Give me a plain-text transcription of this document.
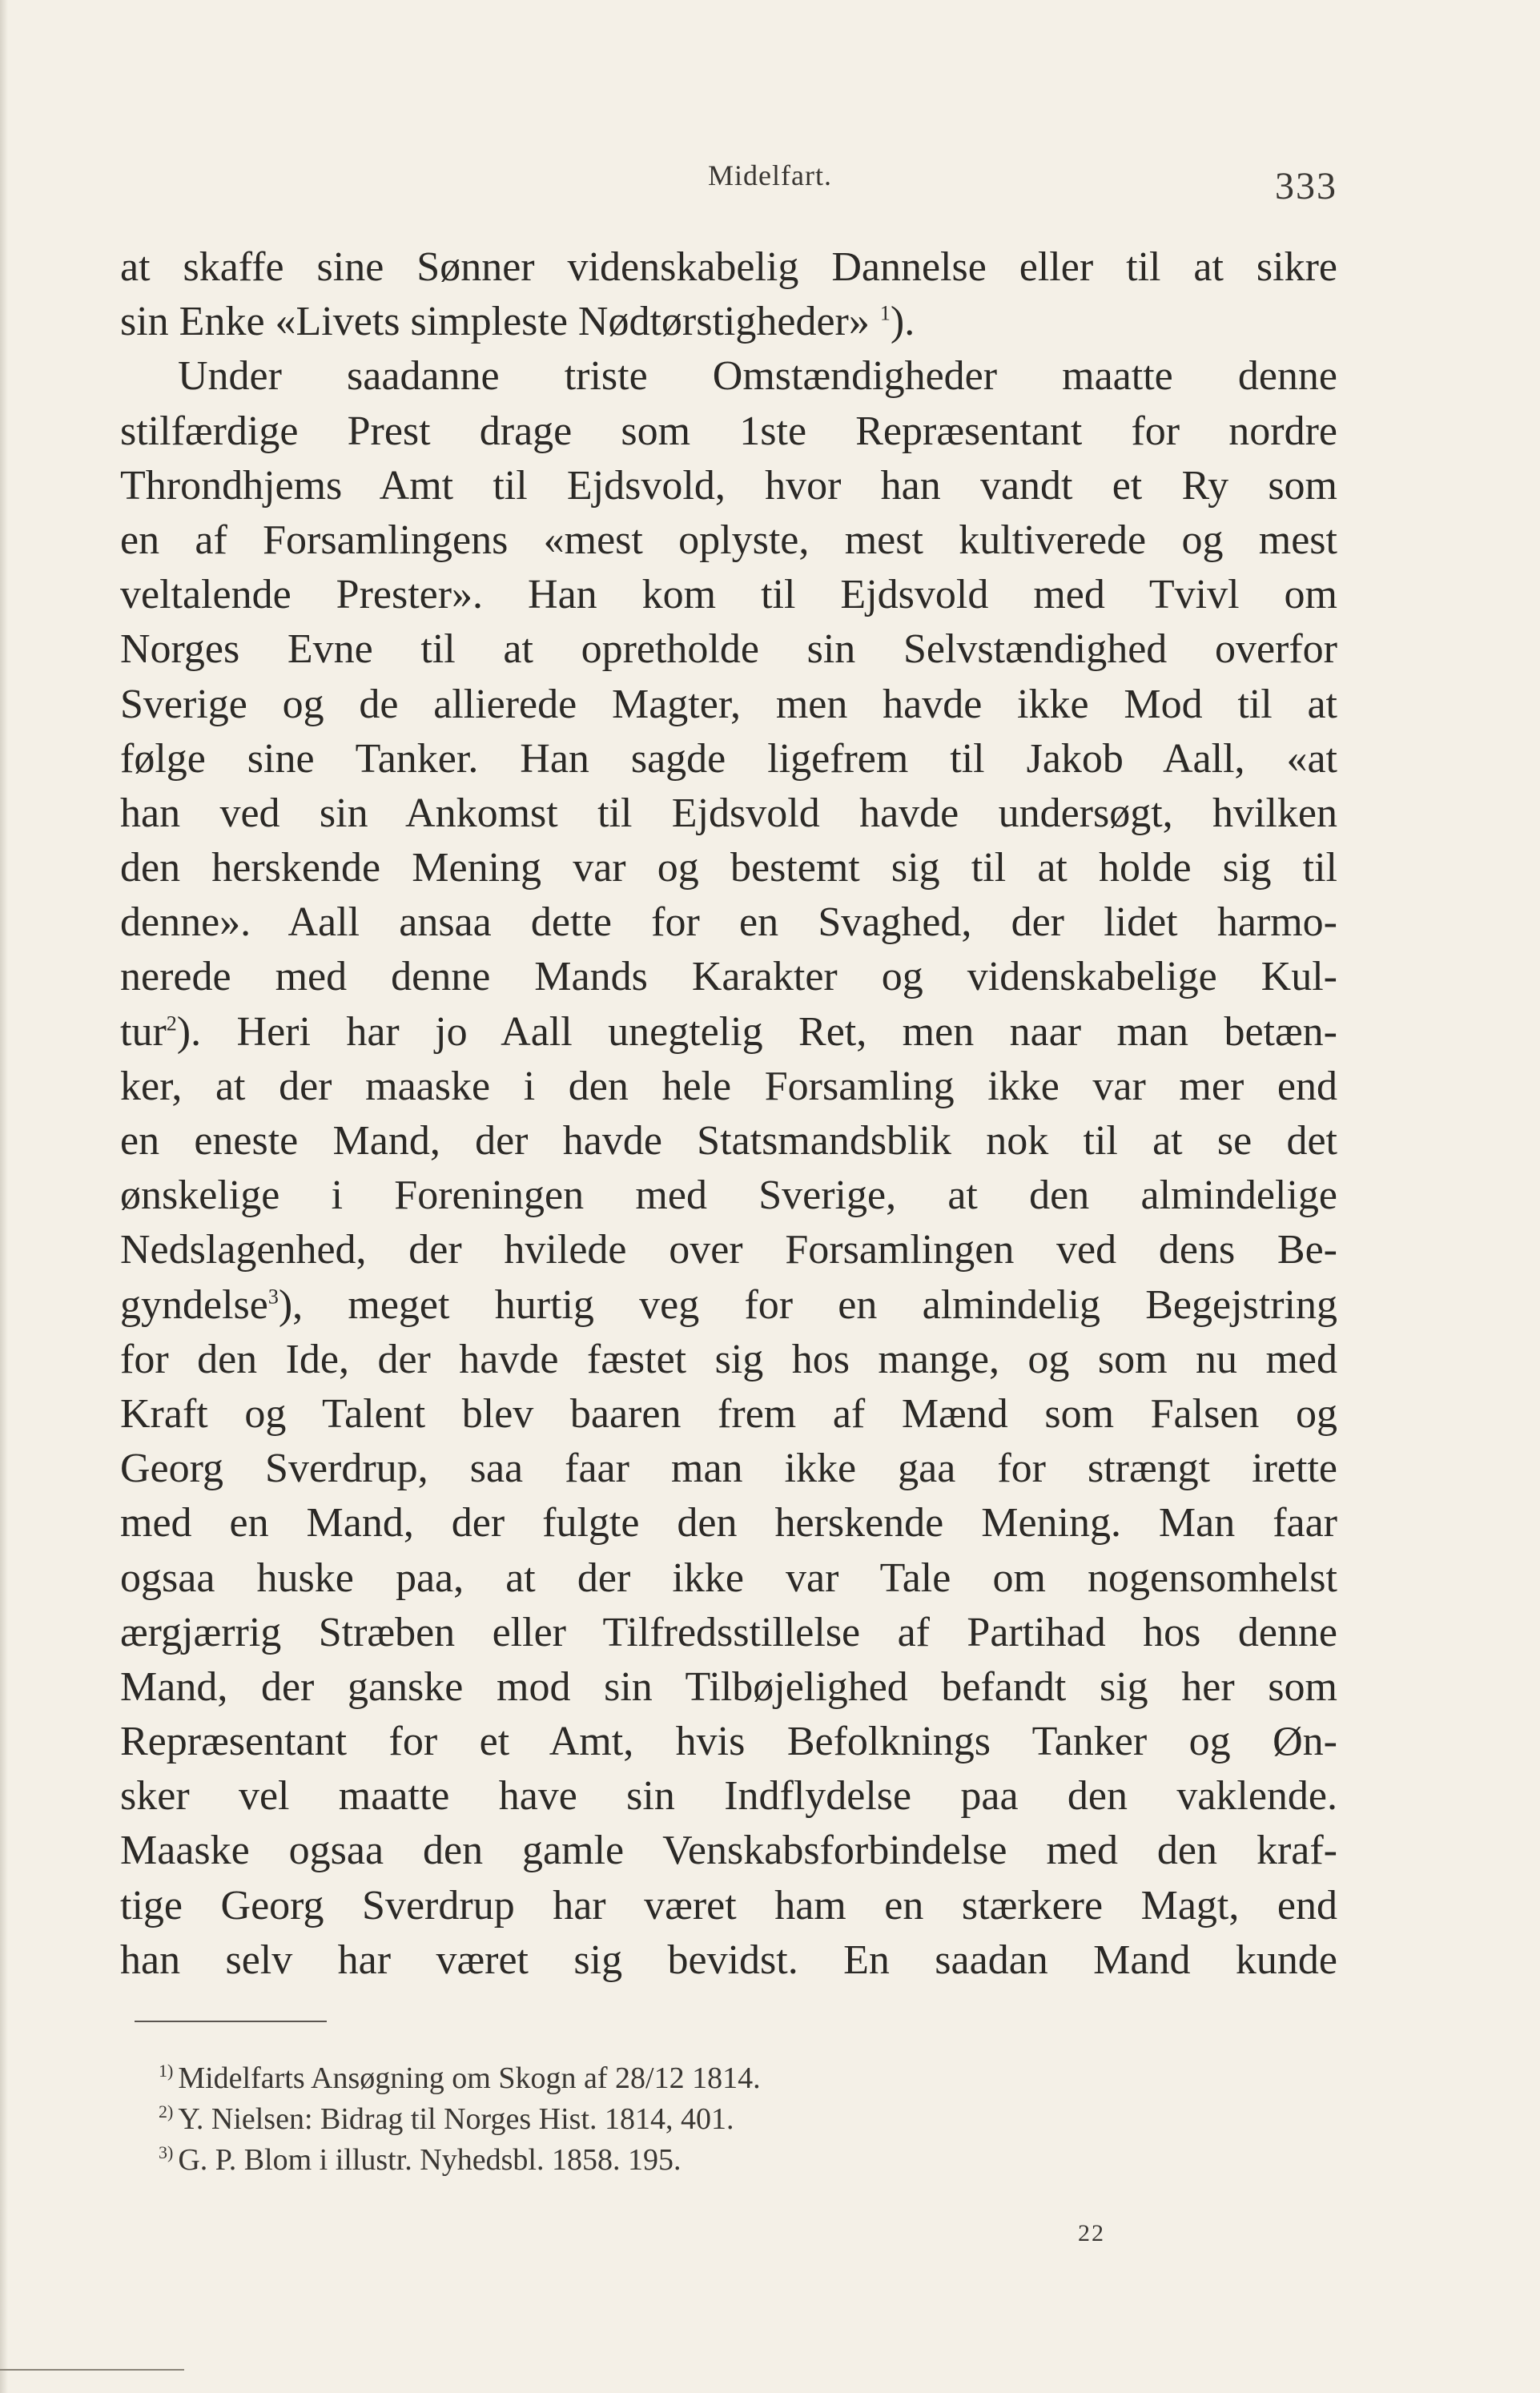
Midelfart.	333
at skaffe sine Sønner videnskabelig Dannelse eller til at sikre
sin Enke «Livets simpleste Nødtørstigheder» $^1$).
Under saadanne triste Omstændigheder maatte denne
stilfærdige Prest drage som 1ste Repræsentant for nordre
Throndhjems Amt til Ejdsvold, hvor han vandt et Ry som
en af Forsamlingens «mest oplyste, mest kultiverede og mest
veltalende Prester». Han kom til Ejdsvold med Tvivl om
Norges Evne til at opretholde sin Selvstændighed overfor
Sverige og de allierede Magter, men havde ikke Mod til at
følge sine Tanker. Han sagde ligefrem til Jakob Aall, «at
han ved sin Ankomst til Ejdsvold havde undersøgt, hvilken
den herskende Mening var og bestemt sig til at holde sig til
denne». Aall ansaa dette for en Svaghed, der lidet harmo-
nerede med denne Mands Karakter og videnskabelige Kul-
tur$^2$). Heri har jo Aall unegtelig Ret, men naar man betæn-
ker, at der maaske i den hele Forsamling ikke var mer end
en eneste Mand, der havde Statsmandsblik nok til at se det
ønskelige i Foreningen med Sverige, at den almindelige
Nedslagenhed, der hvilede over Forsamlingen ved dens Be-
gyndelse$^3$), meget hurtig veg for en almindelig Begejstring
for den Ide, der havde fæstet sig hos mange, og som nu med
Kraft og Talent blev baaren frem af Mænd som Falsen og
Georg Sverdrup, saa faar man ikke gaa for strængt irette
med en Mand, der fulgte den herskende Mening. Man faar
ogsaa huske paa, at der ikke var Tale om nogensomhelst
ærgjærrig Stræben eller Tilfredsstillelse af Partihad hos denne
Mand, der ganske mod sin Tilbøjelighed befandt sig her som
Repræsentant for et Amt, hvis Befolknings Tanker og Øn-
sker vel maatte have sin Indflydelse paa den vaklende.
Maaske ogsaa den gamle Venskabsforbindelse med den kraf-
tige Georg Sverdrup har været ham en stærkere Magt, end
han selv har været sig bevidst. En saadan Mand kunde
$^{1)}$ Midelfarts Ansøgning om Skogn af 28/12 1814.
$^{2)}$ Y. Nielsen: Bidrag til Norges Hist. 1814, 401.
$^{3)}$ G. P. Blom i illustr. Nyhedsbl. 1858. 195.
22
